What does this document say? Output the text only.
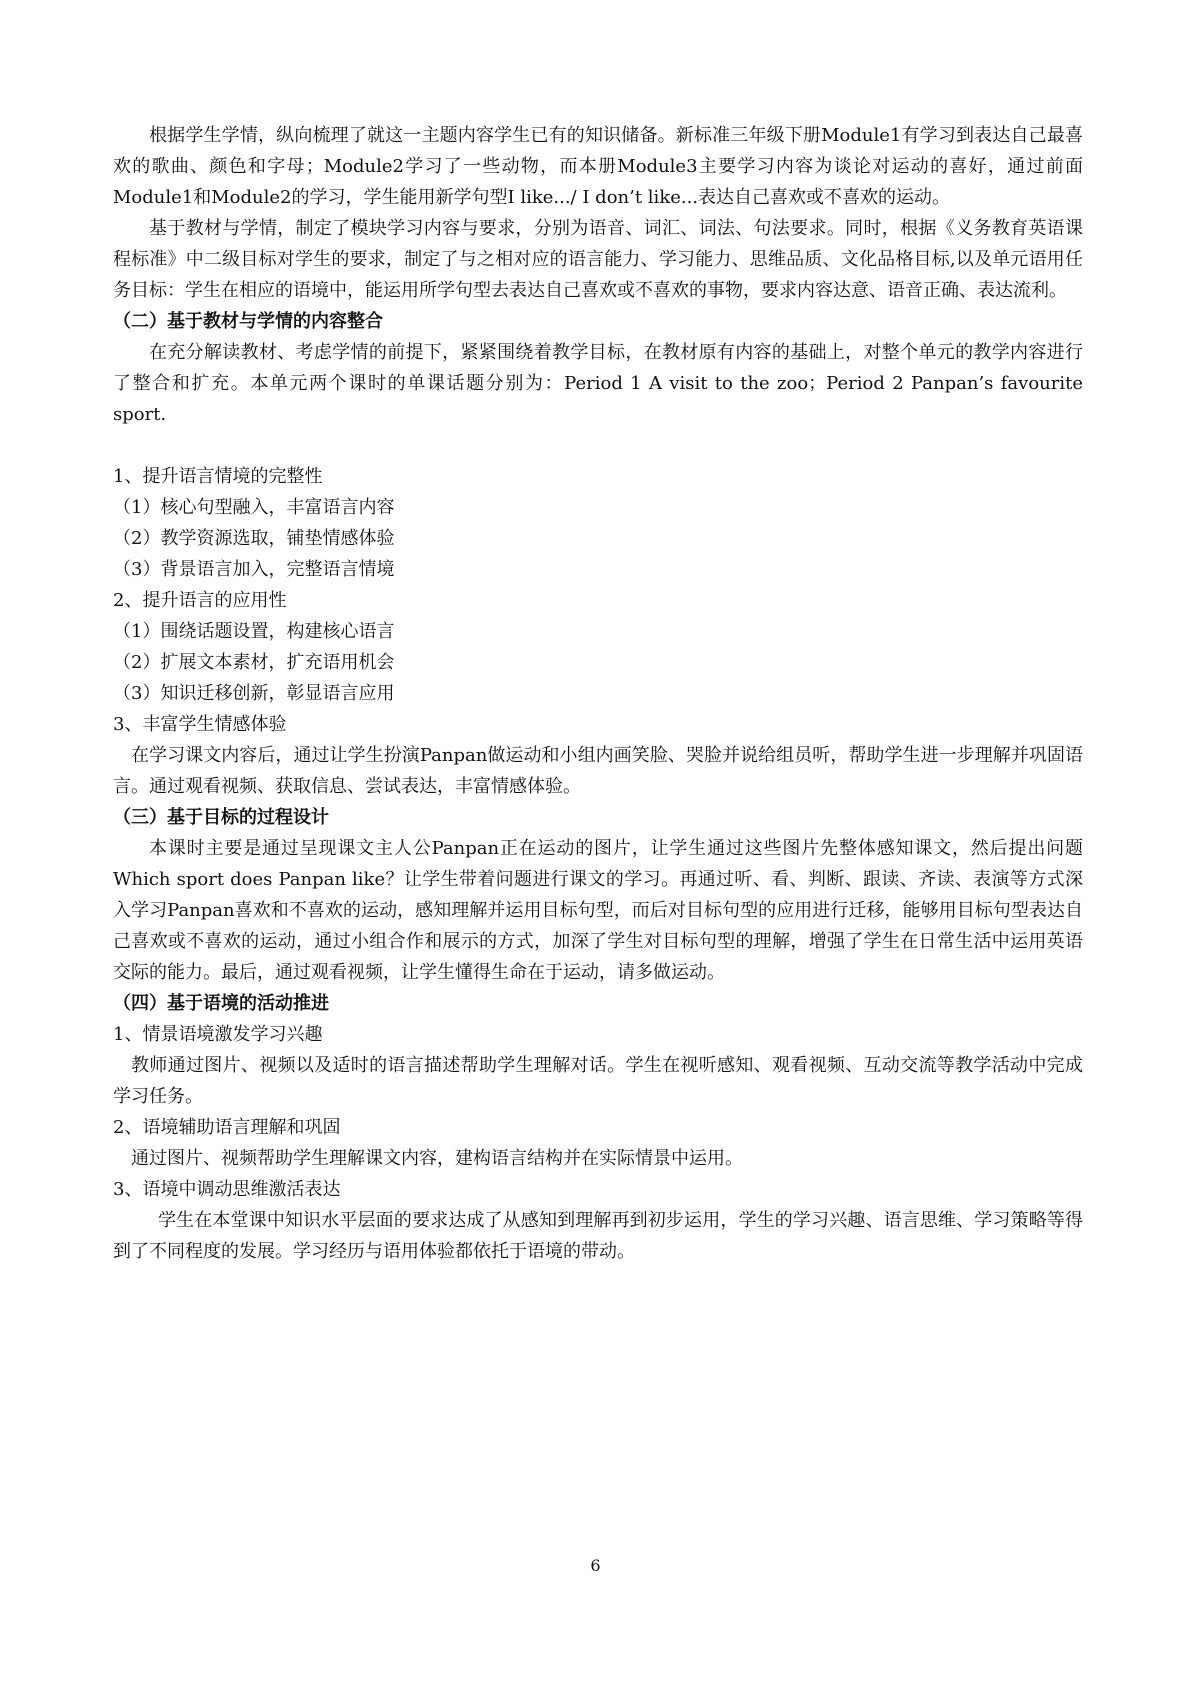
根据学生学情，纵向梳理了就这一主题内容学生已有的知识储备。新标准三年级下册Module1有学习到表达自己最喜欢的歌曲、颜色和字母；Module2学习了一些动物，而本册Module3主要学习内容为谈论对运动的喜好，通过前面Module1和Module2的学习，学生能用新学句型I like.../ I don’t like...表达自己喜欢或不喜欢的运动。

基于教材与学情，制定了模块学习内容与要求，分别为语音、词汇、词法、句法要求。同时，根据《义务教育英语课程标准》中二级目标对学生的要求，制定了与之相对应的语言能力、学习能力、思维品质、文化品格目标,以及单元语用任务目标：学生在相应的语境中，能运用所学句型去表达自己喜欢或不喜欢的事物，要求内容达意、语音正确、表达流利。

（二）基于教材与学情的内容整合

在充分解读教材、考虑学情的前提下，紧紧围绕着教学目标，在教材原有内容的基础上，对整个单元的教学内容进行了整合和扩充。本单元两个课时的单课话题分别为：Period 1 A visit to the zoo；Period 2 Panpan’s favourite sport.

1、提升语言情境的完整性

（1）核心句型融入，丰富语言内容

（2）教学资源选取，铺垫情感体验

（3）背景语言加入，完整语言情境

2、提升语言的应用性

（1）围绕话题设置，构建核心语言

（2）扩展文本素材，扩充语用机会

（3）知识迁移创新，彰显语言应用

3、丰富学生情感体验

在学习课文内容后，通过让学生扮演Panpan做运动和小组内画笑脸、哭脸并说给组员听，帮助学生进一步理解并巩固语言。通过观看视频、获取信息、尝试表达，丰富情感体验。

（三）基于目标的过程设计

本课时主要是通过呈现课文主人公Panpan正在运动的图片，让学生通过这些图片先整体感知课文，然后提出问题Which sport does Panpan like？让学生带着问题进行课文的学习。再通过听、看、判断、跟读、齐读、表演等方式深入学习Panpan喜欢和不喜欢的运动，感知理解并运用目标句型，而后对目标句型的应用进行迁移，能够用目标句型表达自己喜欢或不喜欢的运动，通过小组合作和展示的方式，加深了学生对目标句型的理解，增强了学生在日常生活中运用英语交际的能力。最后，通过观看视频，让学生懂得生命在于运动，请多做运动。

（四）基于语境的活动推进

1、情景语境激发学习兴趣

教师通过图片、视频以及适时的语言描述帮助学生理解对话。学生在视听感知、观看视频、互动交流等教学活动中完成学习任务。

2、语境辅助语言理解和巩固

通过图片、视频帮助学生理解课文内容，建构语言结构并在实际情景中运用。

3、语境中调动思维激活表达

学生在本堂课中知识水平层面的要求达成了从感知到理解再到初步运用，学生的学习兴趣、语言思维、学习策略等得到了不同程度的发展。学习经历与语用体验都依托于语境的带动。

6
